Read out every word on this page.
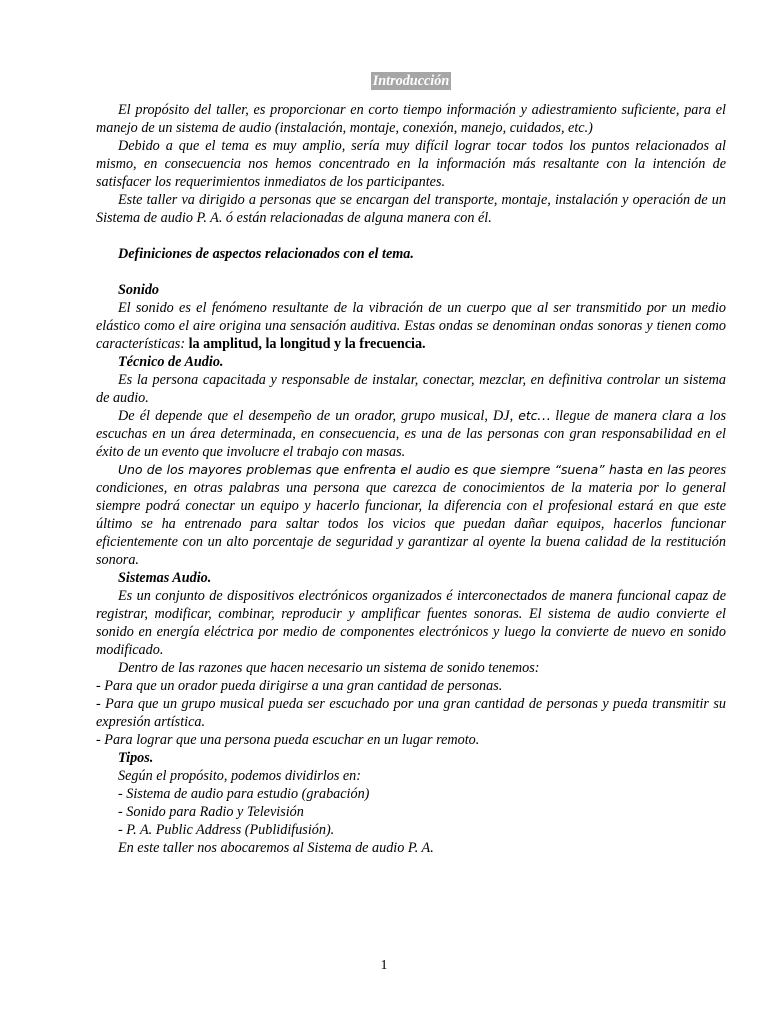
Introducción

El propósito del taller, es proporcionar en corto tiempo información y adiestramiento suficiente, para el manejo de un sistema de audio (instalación, montaje, conexión, manejo, cuidados, etc.)

Debido a que el tema es muy amplio, sería muy difícil lograr tocar todos los puntos relacionados al mismo, en consecuencia nos hemos concentrado en la información más resaltante con la intención de satisfacer los requerimientos inmediatos de los participantes.

Este taller va dirigido a personas que se encargan del transporte, montaje, instalación y operación de un Sistema de audio P. A. ó están relacionadas de alguna manera con él.

Definiciones de aspectos relacionados con el tema.

Sonido

El sonido es el fenómeno resultante de la vibración de un cuerpo que al ser transmitido por un medio elástico como el aire origina una sensación auditiva. Estas ondas se denominan ondas sonoras y tienen como características: la amplitud, la longitud y la frecuencia.

Técnico de Audio.

Es la persona capacitada y responsable de instalar, conectar, mezclar, en definitiva controlar un sistema de audio.

De él depende que el desempeño de un orador, grupo musical, DJ, etc… llegue de manera clara a los escuchas en un área determinada, en consecuencia, es una de las personas con gran responsabilidad en el éxito de un evento que involucre el trabajo con masas.

Uno de los mayores problemas que enfrenta el audio es que siempre “suena” hasta en las peores condiciones, en otras palabras una persona que carezca de conocimientos de la materia por lo general siempre podrá conectar un equipo y hacerlo funcionar, la diferencia con el profesional estará en que este último se ha entrenado para saltar todos los vicios que puedan dañar equipos, hacerlos funcionar eficientemente con un alto porcentaje de seguridad y garantizar al oyente la buena calidad de la restitución sonora.

Sistemas Audio.

Es un conjunto de dispositivos electrónicos organizados é interconectados de manera funcional capaz de registrar, modificar, combinar, reproducir y amplificar fuentes sonoras. El sistema de audio convierte el sonido en energía eléctrica por medio de componentes electrónicos y luego la convierte de nuevo en sonido modificado.

Dentro de las razones que hacen necesario un sistema de sonido tenemos:

- Para que un orador pueda dirigirse a una gran cantidad de personas.

- Para que un grupo musical pueda ser escuchado por una gran cantidad de personas y pueda transmitir su expresión artística.

- Para lograr que una persona pueda escuchar en un lugar remoto.

Tipos.

Según el propósito, podemos dividirlos en:

- Sistema de audio para estudio (grabación)

- Sonido para Radio y Televisión

- P. A. Public Address (Publidifusión).

En este taller nos abocaremos al Sistema de audio P. A.

1
